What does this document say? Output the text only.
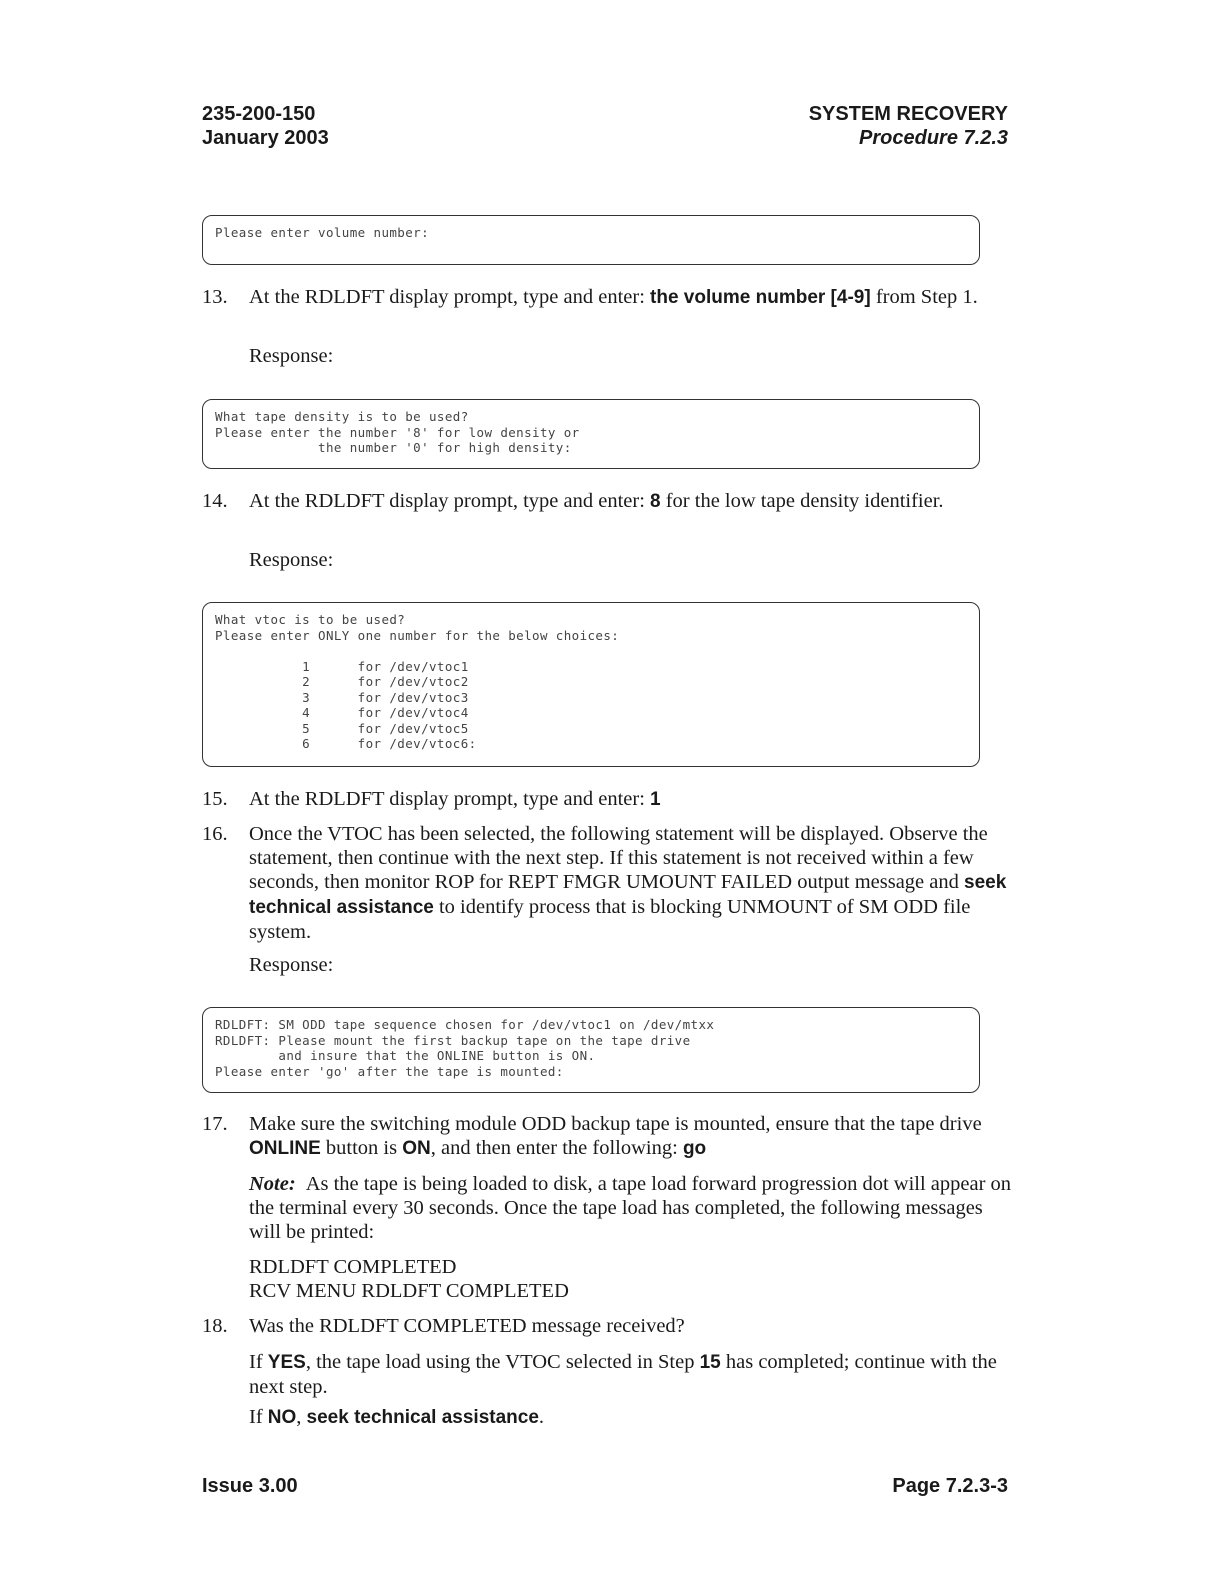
235-200-150
January 2003
SYSTEM RECOVERY
Procedure 7.2.3
Please enter volume number:
13. At the RDLDFT display prompt, type and enter: the volume number [4-9] from Step 1.
Response:
What tape density is to be used?
Please enter the number '8' for low density or
the number '0' for high density:
14. At the RDLDFT display prompt, type and enter: 8 for the low tape density identifier.
Response:
What vtoc is to be used?
Please enter ONLY one number for the below choices:

1      for /dev/vtoc1
2      for /dev/vtoc2
3      for /dev/vtoc3
4      for /dev/vtoc4
5      for /dev/vtoc5
6      for /dev/vtoc6:
15. At the RDLDFT display prompt, type and enter: 1
16. Once the VTOC has been selected, the following statement will be displayed. Observe the statement, then continue with the next step. If this statement is not received within a few seconds, then monitor ROP for REPT FMGR UMOUNT FAILED output message and seek technical assistance to identify process that is blocking UNMOUNT of SM ODD file system.
Response:
RDLDFT: SM ODD tape sequence chosen for /dev/vtoc1 on /dev/mtxx
RDLDFT: Please mount the first backup tape on the tape drive
and insure that the ONLINE button is ON.
Please enter 'go' after the tape is mounted:
17. Make sure the switching module ODD backup tape is mounted, ensure that the tape drive ONLINE button is ON, and then enter the following: go
Note: As the tape is being loaded to disk, a tape load forward progression dot will appear on the terminal every 30 seconds. Once the tape load has completed, the following messages will be printed:
RDLDFT COMPLETED
RCV MENU RDLDFT COMPLETED
18. Was the RDLDFT COMPLETED message received?
If YES, the tape load using the VTOC selected in Step 15 has completed; continue with the next step.
If NO, seek technical assistance.
Issue 3.00	Page 7.2.3-3
